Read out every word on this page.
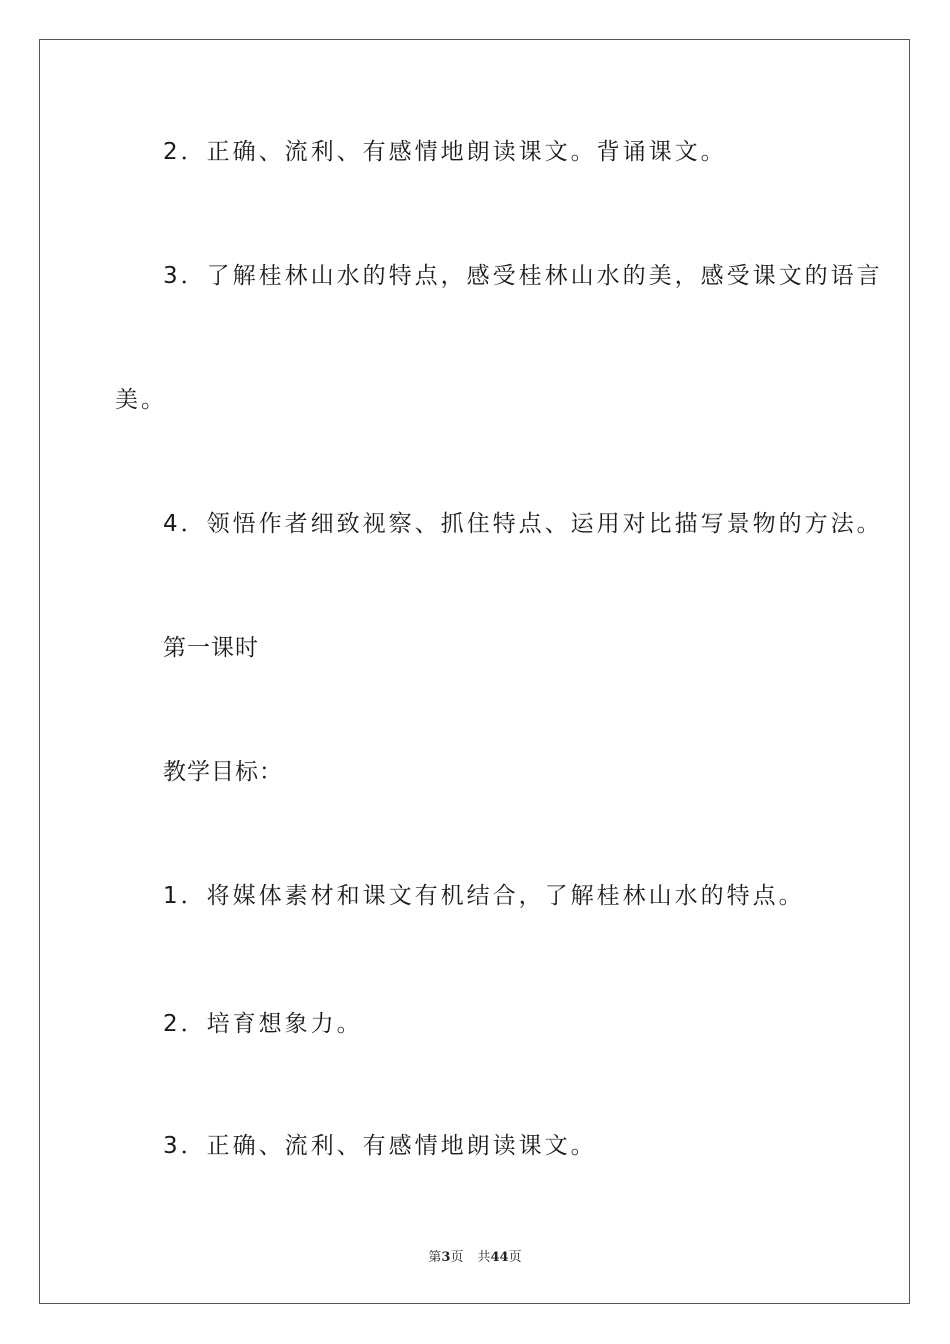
2．正确、流利、有感情地朗读课文。背诵课文。
3．了解桂林山水的特点，感受桂林山水的美，感受课文的语言
美。
4．领悟作者细致视察、抓住特点、运用对比描写景物的方法。
第一课时
教学目标：
1．将媒体素材和课文有机结合，了解桂林山水的特点。
2．培育想象力。
3．正确、流利、有感情地朗读课文。
第3页 共44页
